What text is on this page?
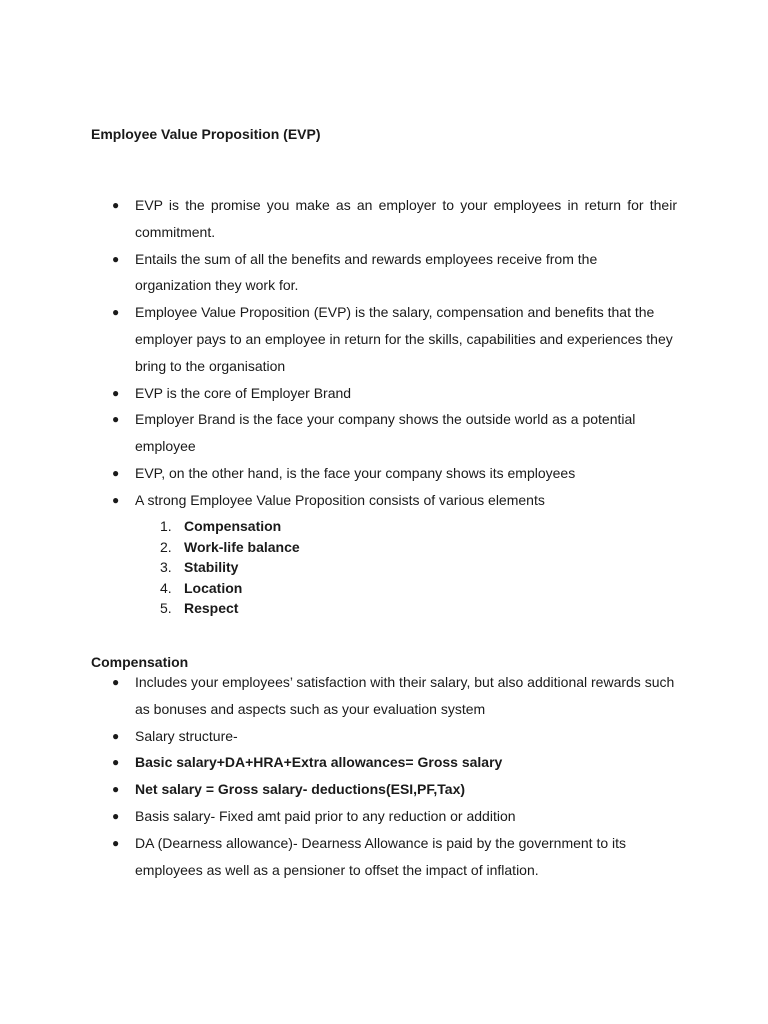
Employee Value Proposition (EVP)
● EVP is the promise you make as an employer to your employees in return for their commitment.
● Entails the sum of all the benefits and rewards employees receive from the organization they work for.
● Employee Value Proposition (EVP) is the salary, compensation and benefits that the employer pays to an employee in return for the skills, capabilities and experiences they bring to the organisation
● EVP is the core of Employer Brand
● Employer Brand is the face your company shows the outside world as a potential employee
● EVP, on the other hand, is the face your company shows its employees
● A strong Employee Value Proposition consists of various elements
1. Compensation
2. Work-life balance
3. Stability
4. Location
5. Respect
Compensation
● Includes your employees’ satisfaction with their salary, but also additional rewards such as bonuses and aspects such as your evaluation system
● Salary structure-
● Basic salary+DA+HRA+Extra allowances= Gross salary
● Net salary = Gross salary- deductions(ESI,PF,Tax)
● Basis salary- Fixed amt paid prior to any reduction or addition
● DA (Dearness allowance)- Dearness Allowance is paid by the government to its employees as well as a pensioner to offset the impact of inflation.
